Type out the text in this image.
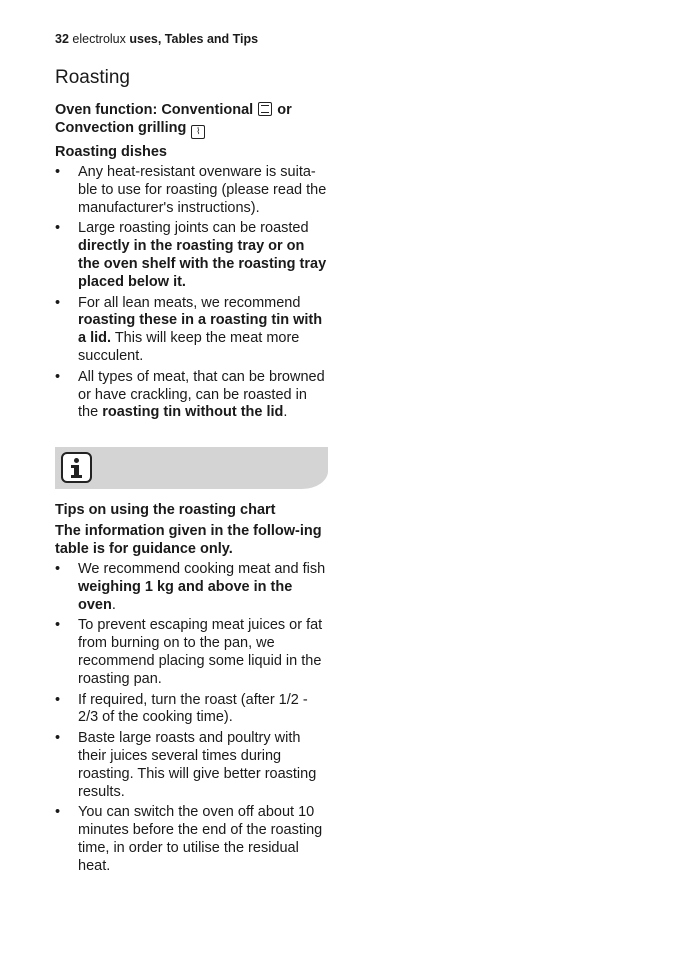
32 electrolux uses, Tables and Tips
Roasting
Oven function: Conventional or
Convection grilling ⌇
Roasting dishes
• Any heat-resistant ovenware is suita-ble to use for roasting (please read the manufacturer's instructions).
• Large roasting joints can be roasted directly in the roasting tray or on the oven shelf with the roasting tray placed below it.
• For all lean meats, we recommend roasting these in a roasting tin with a lid. This will keep the meat more succulent.
• All types of meat, that can be browned or have crackling, can be roasted in the roasting tin without the lid.
Tips on using the roasting chart
The information given in the follow-ing table is for guidance only.
• We recommend cooking meat and fish weighing 1 kg and above in the oven.
• To prevent escaping meat juices or fat from burning on to the pan, we recommend placing some liquid in the roasting pan.
• If required, turn the roast (after 1/2 - 2/3 of the cooking time).
• Baste large roasts and poultry with their juices several times during roasting. This will give better roasting results.
• You can switch the oven off about 10 minutes before the end of the roasting time, in order to utilise the residual heat.
